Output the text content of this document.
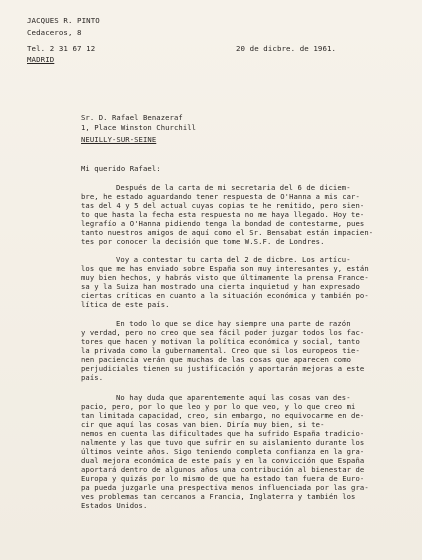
JACQUES R. PINTO
Cedaceros, 8
Tel. 2 31 67 12
MADRID
20 de dicbre. de 1961.
Sr. D. Rafael Benazeraf
1, Place Winston Churchill
NEUILLY-SUR-SEINE
Mi querido Rafael:
Después de la carta de mi secretaria del 6 de diciem-
bre, he estado aguardando tener respuesta de O'Hanna a mis car-
tas del 4 y 5 del actual cuyas copias te he remitido, pero sien-
to que hasta la fecha esta respuesta no me haya llegado. Hoy te-
legrafío a O'Hanna pidiendo tenga la bondad de contestarme, pues
tanto nuestros amigos de aquí como el Sr. Bensabat están impacien-
tes por conocer la decisión que tome W.S.F. de Londres.
Voy a contestar tu carta del 2 de dicbre. Los artícu-
los que me has enviado sobre España son muy interesantes y, están
muy bien hechos, y habrás visto que últimamente la prensa France-
sa y la Suiza han mostrado una cierta inquietud y han expresado
ciertas críticas en cuanto a la situación económica y también po-
lítica de este país.
En todo lo que se dice hay siempre una parte de razón
y verdad, pero no creo que sea fácil poder juzgar todos los fac-
tores que hacen y motivan la política económica y social, tanto
la privada como la gubernamental. Creo que si los europeos tie-
nen paciencia verán que muchas de las cosas que aparecen como
perjudiciales tienen su justificación y aportarán mejoras a este
país.
No hay duda que aparentemente aquí las cosas van des-
pacio, pero, por lo que leo y por lo que veo, y lo que creo mi
tan limitada capacidad, creo, sin embargo, no equivocarme en de-
cir que aquí las cosas van bien. Diría muy bien, si te-
nemos en cuenta las dificultades que ha sufrido España tradicio-
nalmente y las que tuvo que sufrir en su aislamiento durante los
últimos veinte años. Sigo teniendo completa confianza en la gra-
dual mejora económica de este país y en la convicción que España
aportará dentro de algunos años una contribución al bienestar de
Europa y quizás por lo mismo de que ha estado tan fuera de Euro-
pa pueda juzgarle una prespectiva menos influenciada por las gra-
ves problemas tan cercanos a Francia, Inglaterra y también los
Estados Unidos.
